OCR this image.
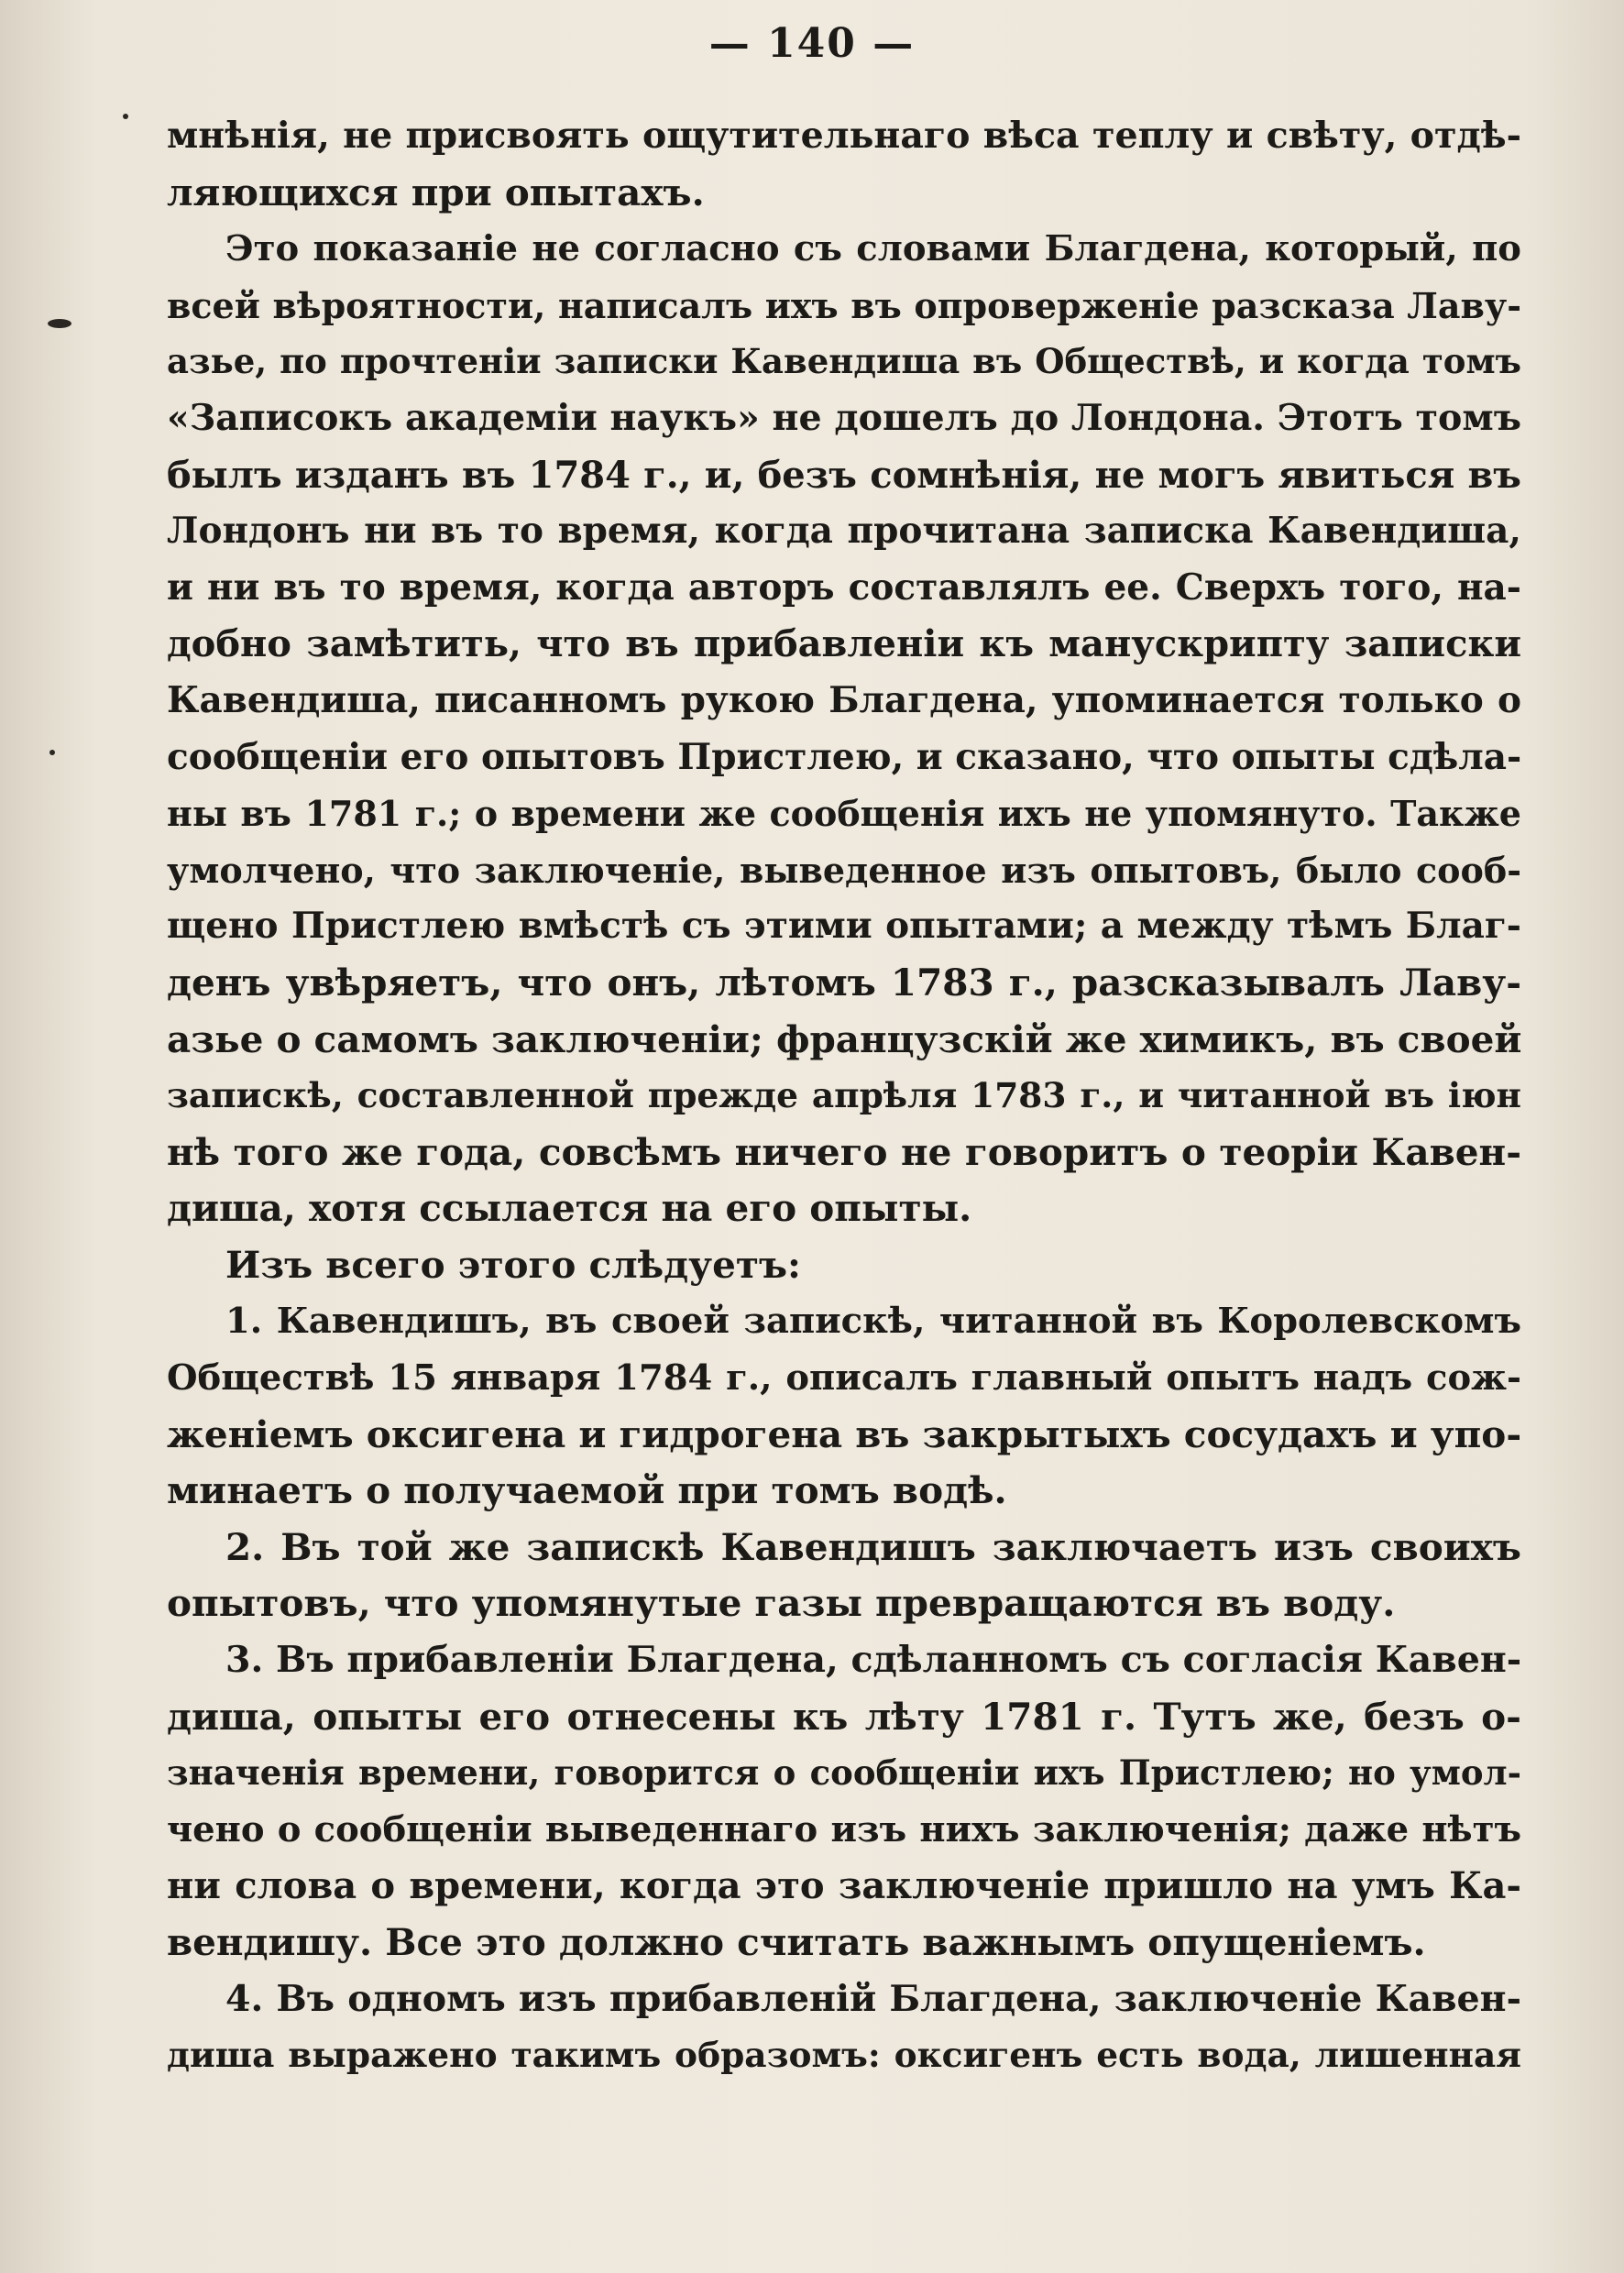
— 140 —
мнѣнія, не присвоять ощутительнаго вѣса теплу и свѣту, отдѣ-
ляющихся при опытахъ.
Это показаніе не согласно съ словами Благдена, который, по
всей вѣроятности, написалъ ихъ въ опроверженіе разсказа Лаву-
азье, по прочтеніи записки Кавендиша въ Обществѣ, и когда томъ
«Записокъ академіи наукъ» не дошелъ до Лондона. Этотъ томъ
былъ изданъ въ 1784 г., и, безъ сомнѣнія, не могъ явиться въ
Лондонъ ни въ то время, когда прочитана записка Кавендиша,
и ни въ то время, когда авторъ составлялъ ее. Сверхъ того, на-
добно замѣтить, что въ прибавленіи къ манускрипту записки
Кавендиша, писанномъ рукою Благдена, упоминается только о
сообщеніи его опытовъ Пристлею, и сказано, что опыты сдѣла-
ны въ 1781 г.; о времени же сообщенія ихъ не упомянуто. Также
умолчено, что заключеніе, выведенное изъ опытовъ, было сооб-
щено Пристлею вмѣстѣ съ этими опытами; а между тѣмъ Благ-
денъ увѣряетъ, что онъ, лѣтомъ 1783 г., разсказывалъ Лаву-
азье о самомъ заключеніи; французскій же химикъ, въ своей
запискѣ, составленной прежде апрѣля 1783 г., и читанной въ іюн
нѣ того же года, совсѣмъ ничего не говоритъ о теоріи Кавен-
диша, хотя ссылается на его опыты.
Изъ всего этого слѣдуетъ:
1. Кавендишъ, въ своей запискѣ, читанной въ Королевскомъ
Обществѣ 15 января 1784 г., описалъ главный опытъ надъ сож-
женіемъ оксигена и гидрогена въ закрытыхъ сосудахъ и упо-
минаетъ о получаемой при томъ водѣ.
2. Въ той же запискѣ Кавендишъ заключаетъ изъ своихъ
опытовъ, что упомянутые газы превращаются въ воду.
3. Въ прибавленіи Благдена, сдѣланномъ съ согласія Кавен-
диша, опыты его отнесены къ лѣту 1781 г. Тутъ же, безъ о-
значенія времени, говорится о сообщеніи ихъ Пристлею; но умол-
чено о сообщеніи выведеннаго изъ нихъ заключенія; даже нѣтъ
ни слова о времени, когда это заключеніе пришло на умъ Ка-
вендишу. Все это должно считать важнымъ опущеніемъ.
4. Въ одномъ изъ прибавленій Благдена, заключеніе Кавен-
диша выражено такимъ образомъ: оксигенъ есть вода, лишенная
